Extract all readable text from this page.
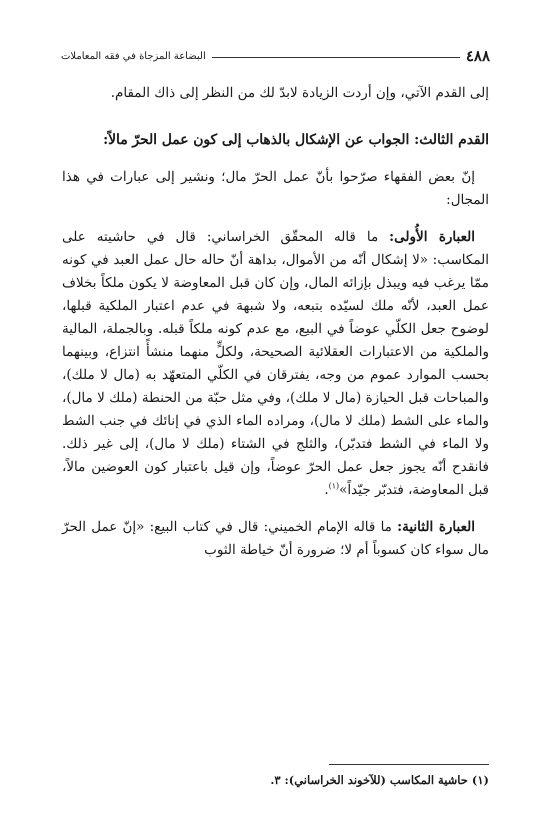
٤٨٨
البضاعة المزجاة في فقه المعاملات

إلى القدم الآتي، وإن أردت الزيادة لابدّ لك من النظر إلى ذاك المقام.

القدم الثالث: الجواب عن الإشكال بالذهاب إلى كون عمل الحرّ مالاً:

إنّ بعض الفقهاء صرّحوا بأنّ عمل الحرّ مال؛ ونشير إلى عبارات في هذا المجال:

العبارة الأُولى: ما قاله المحقّق الخراساني: قال في حاشيته على المكاسب: «لا إشكال أنّه من الأموال، بداهة أنّ حاله حال عمل العبد في كونه ممّا يرغب فيه ويبذل بإزائه المال، وإن كان قبل المعاوضة لا يكون ملكاً بخلاف عمل العبد، لأنّه ملك لسيّده بتبعه، ولا شبهة في عدم اعتبار الملكية قبلها، لوضوح جعل الكلّي عوضاً في البيع، مع عدم كونه ملكاً قبله. وبالجملة، المالية والملكية من الاعتبارات العقلائية الصحيحة، ولكلٍّ منهما منشأً انتزاع، وبينهما بحسب الموارد عموم من وجه، يفترقان في الكلّي المتعهّد به (مال لا ملك)، والمباحات قبل الحيازة (مال لا ملك)، وفي مثل حبّة من الحنطة (ملك لا مال)، والماء على الشط (ملك لا مال)، ومراده الماء الذي في إنائك في جنب الشط ولا الماء في الشط فتدبّر)، والثلج في الشتاء (ملك لا مال)، إلى غير ذلك. فانقدح أنّه يجوز جعل عمل الحرّ عوضاً، وإن قيل باعتبار كون العوضين مالاً، قبل المعاوضة، فتدبّر جيّداً»$^{(١)}$.

العبارة الثانية: ما قاله الإمام الخميني: قال في كتاب البيع: «إنّ عمل الحرّ مال سواء كان كسوباً أم لا؛ ضرورة أنّ خياطة الثوب

(١) حاشية المكاسب (للآخوند الخراساني): ٣.
